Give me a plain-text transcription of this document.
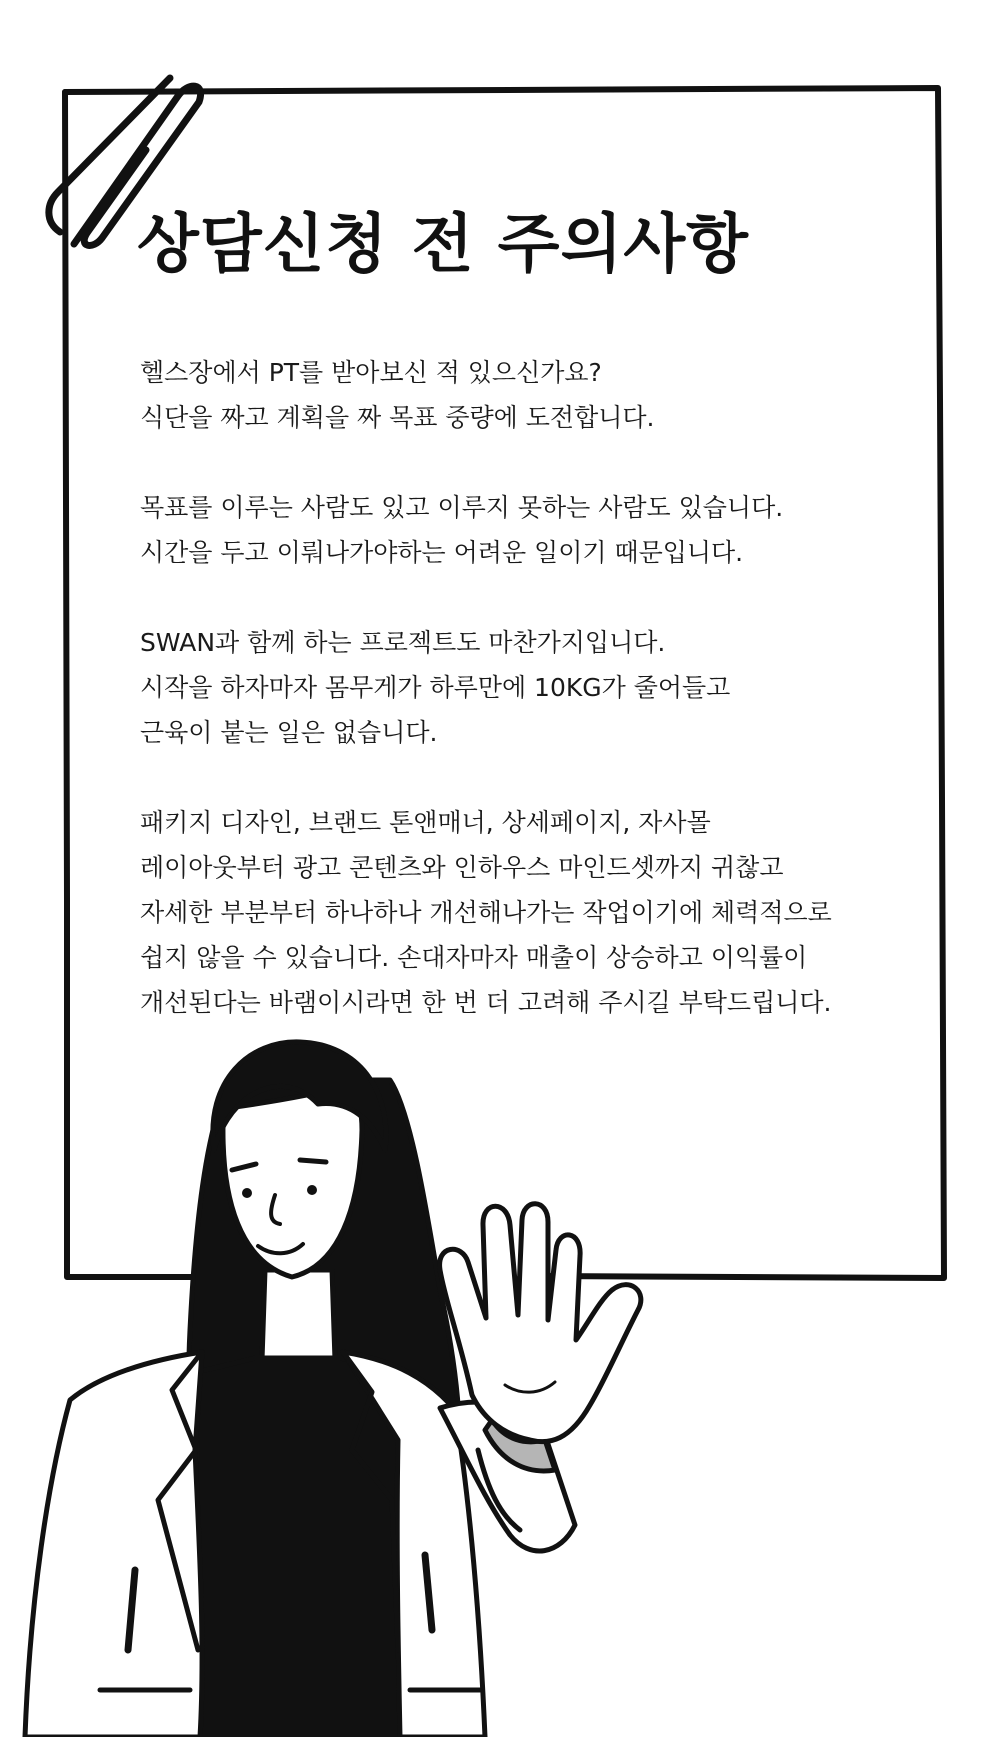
상담신청 전 주의사항

헬스장에서 PT를 받아보신 적 있으신가요?
식단을 짜고 계획을 짜 목표 중량에 도전합니다.

목표를 이루는 사람도 있고 이루지 못하는 사람도 있습니다.
시간을 두고 이뤄나가야하는 어려운 일이기 때문입니다.

SWAN과 함께 하는 프로젝트도 마찬가지입니다.
시작을 하자마자 몸무게가 하루만에 10KG가 줄어들고
근육이 붙는 일은 없습니다.

패키지 디자인, 브랜드 톤앤매너, 상세페이지, 자사몰
레이아웃부터 광고 콘텐츠와 인하우스 마인드셋까지 귀찮고
자세한 부분부터 하나하나 개선해나가는 작업이기에 체력적으로
쉽지 않을 수 있습니다. 손대자마자 매출이 상승하고 이익률이
개선된다는 바램이시라면 한 번 더 고려해 주시길 부탁드립니다.
